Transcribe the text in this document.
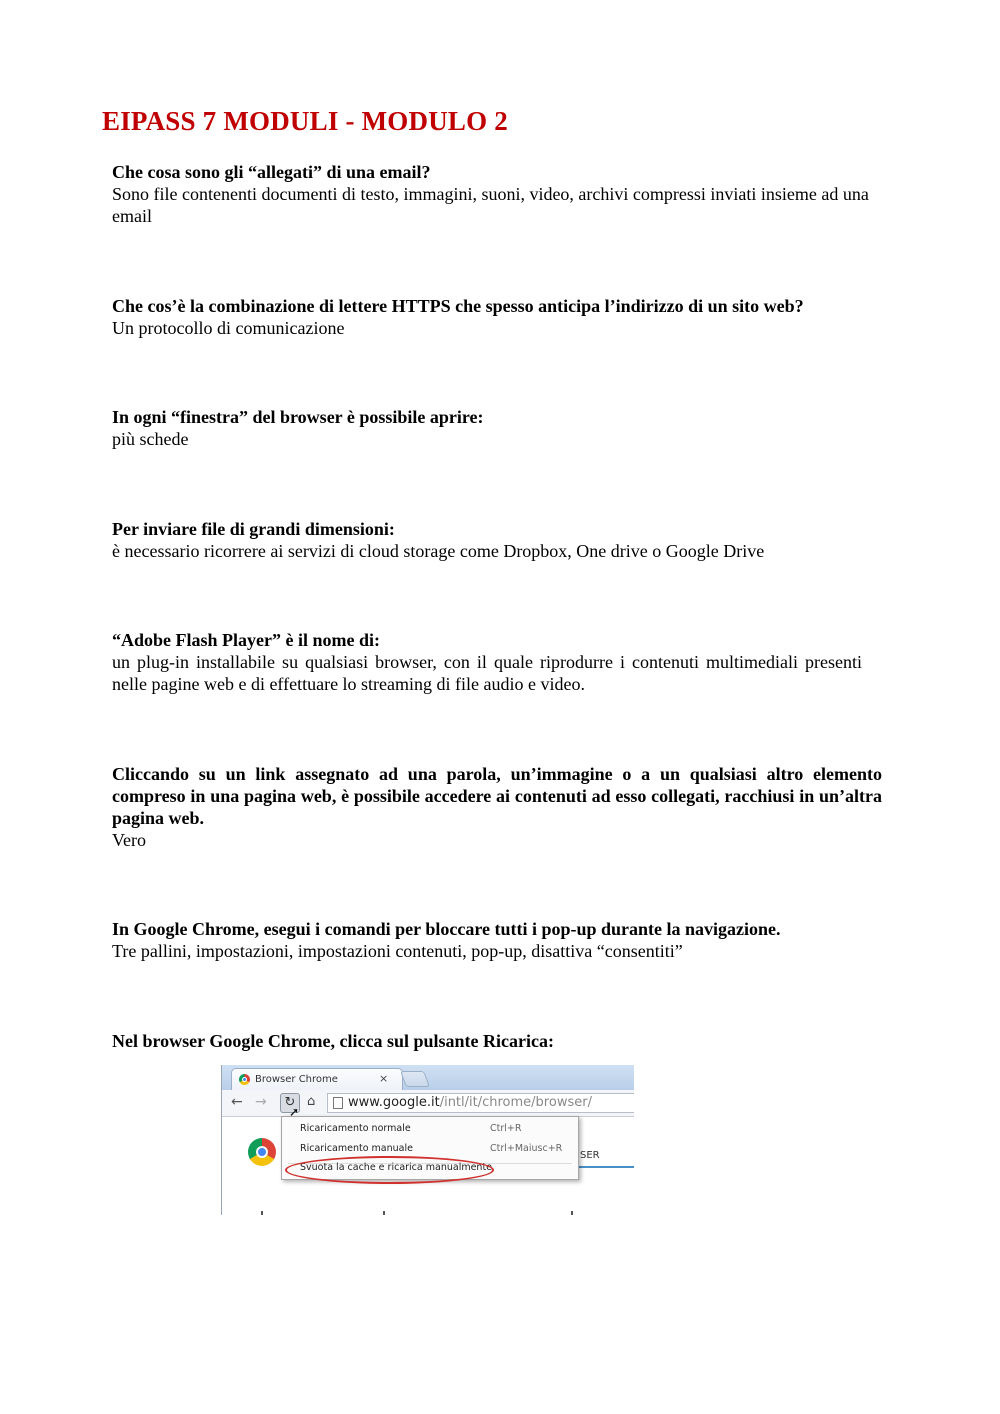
EIPASS 7 MODULI - MODULO 2

Che cosa sono gli “allegati” di una email?

Sono file contenenti documenti di testo, immagini, suoni, video, archivi compressi inviati insieme ad una email

Che cos’è la combinazione di lettere HTTPS che spesso anticipa l’indirizzo di un sito web?

Un protocollo di comunicazione

In ogni “finestra” del browser è possibile aprire:

più schede

Per inviare file di grandi dimensioni:

è necessario ricorrere ai servizi di cloud storage come Dropbox, One drive o Google Drive

“Adobe Flash Player” è il nome di:

un plug-in installabile su qualsiasi browser, con il quale riprodurre i contenuti multimediali presenti nelle pagine web e di effettuare lo streaming di file audio e video.

Cliccando su un link assegnato ad una parola, un’immagine o a un qualsiasi altro elemento compreso in una pagina web, è possibile accedere ai contenuti ad esso collegati, racchiusi in un’altra pagina web.

Vero

In Google Chrome, esegui i comandi per bloccare tutti i pop-up durante la navigazione.

Tre pallini, impostazioni, impostazioni contenuti, pop-up, disattiva “consentiti”

Nel browser Google Chrome, clicca sul pulsante Ricarica:

Browser Chrome	×
← →	↻ ⌂	www.google.it/intl/it/chrome/browser/
SER
Ricaricamento normale	Ctrl+R
Ricaricamento manuale	Ctrl+Maiusc+R
Svuota la cache e ricarica manualmente
➚
